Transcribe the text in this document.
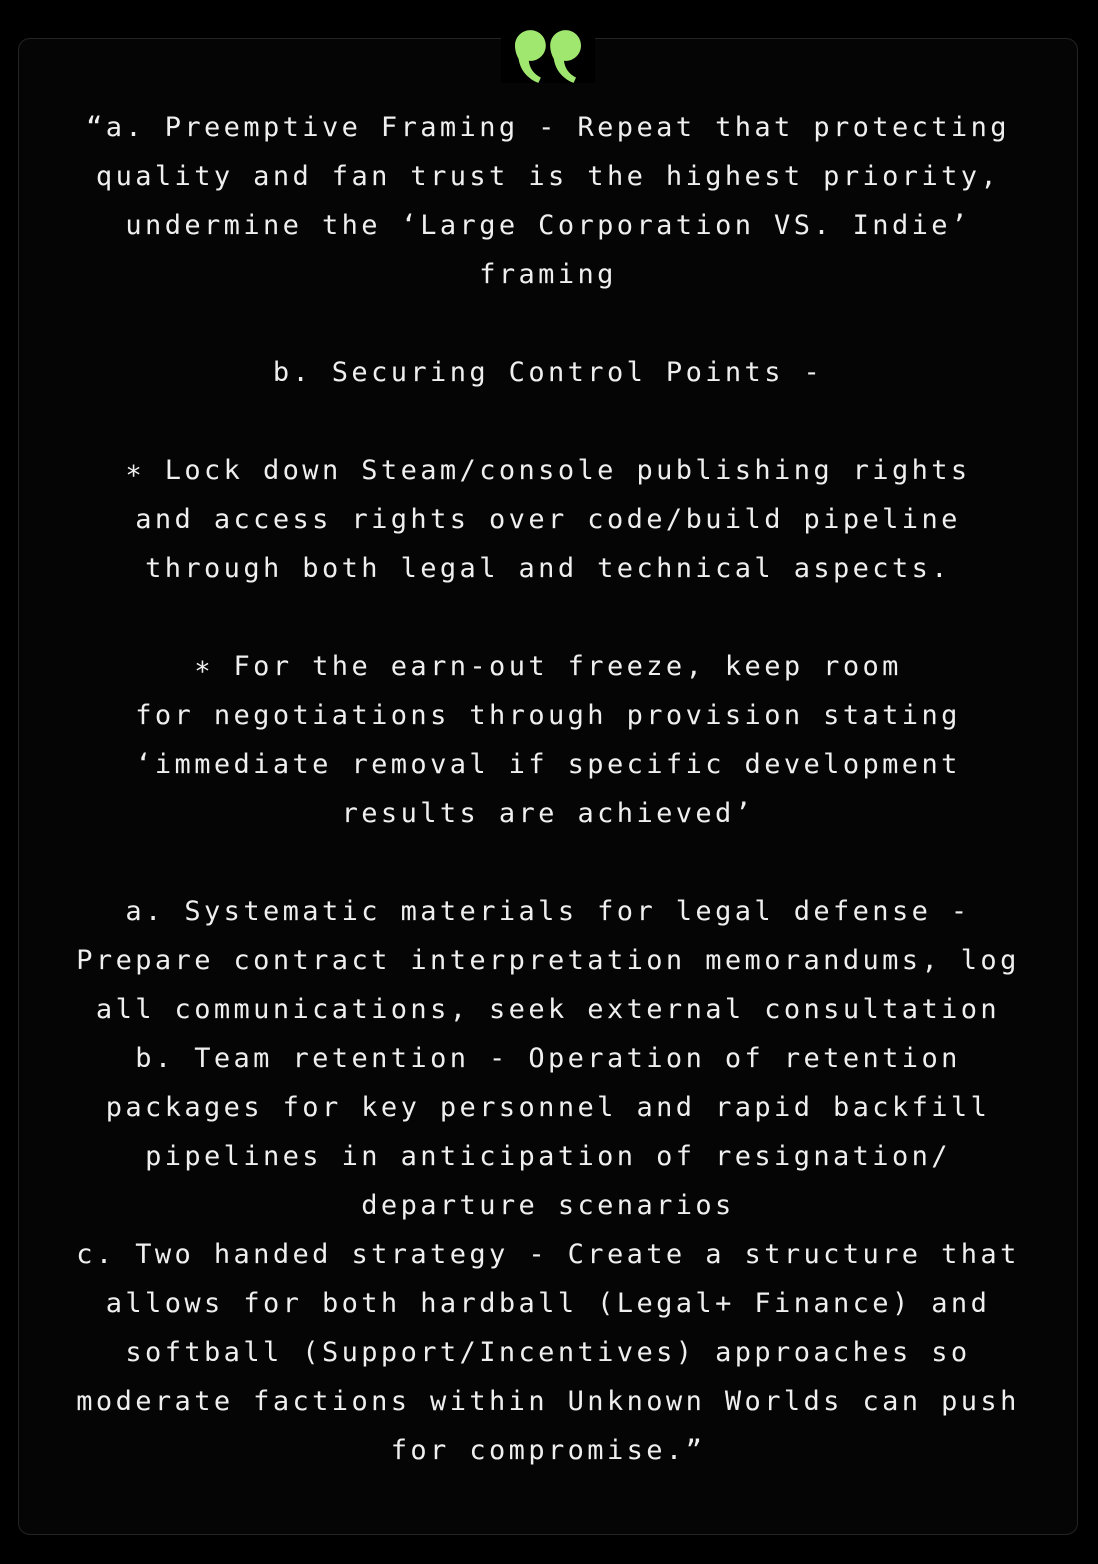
“a. Preemptive Framing - Repeat that protecting
quality and fan trust is the highest priority,
undermine the ‘Large Corporation VS. Indie’
framing
b. Securing Control Points -
∗ Lock down Steam/console publishing rights
and access rights over code/build pipeline
through both legal and technical aspects.
∗ For the earn-out freeze, keep room
for negotiations through provision stating
‘immediate removal if specific development
results are achieved’
a. Systematic materials for legal defense -
Prepare contract interpretation memorandums, log
all communications, seek external consultation
b. Team retention - Operation of retention
packages for key personnel and rapid backfill
pipelines in anticipation of resignation/
departure scenarios
c. Two handed strategy - Create a structure that
allows for both hardball (Legal+ Finance) and
softball (Support/Incentives) approaches so
moderate factions within Unknown Worlds can push
for compromise.”
